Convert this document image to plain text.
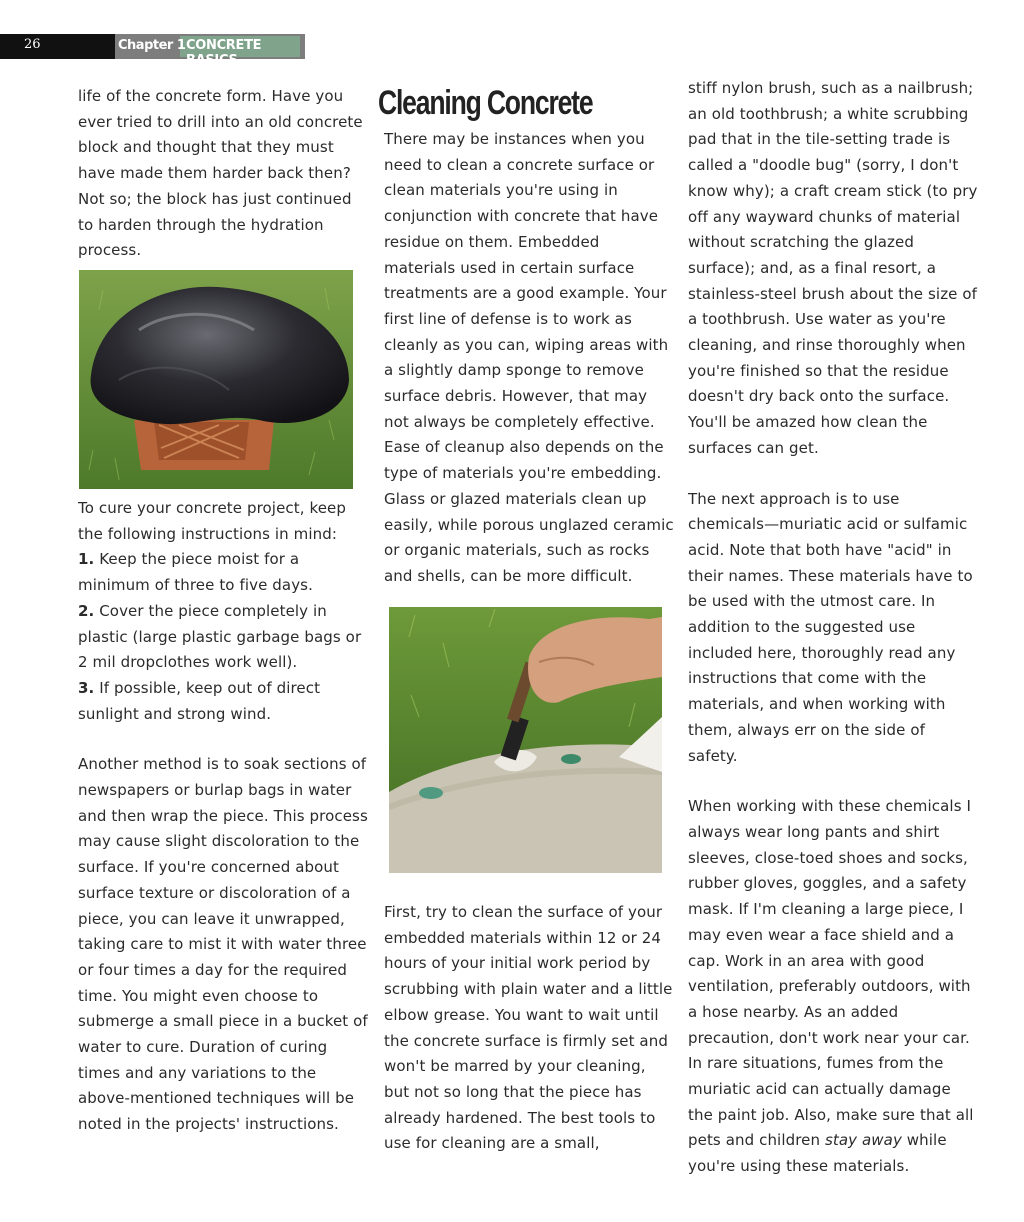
26	Chapter 1 CONCRETE BASICS

life of the concrete form. Have you ever tried to drill into an old concrete block and thought that they must have made them harder back then? Not so; the block has just continued to harden through the hydration process.

To cure your concrete project, keep the following instructions in mind:

1. Keep the piece moist for a minimum of three to five days.

2. Cover the piece completely in plastic (large plastic garbage bags or 2 mil dropclothes work well).

3. If possible, keep out of direct sunlight and strong wind.

Another method is to soak sections of newspapers or burlap bags in water and then wrap the piece. This process may cause slight discoloration to the surface. If you're concerned about surface texture or discoloration of a piece, you can leave it unwrapped, taking care to mist it with water three or four times a day for the required time. You might even choose to submerge a small piece in a bucket of water to cure. Duration of curing times and any variations to the above-mentioned techniques will be noted in the projects' instructions.

Cleaning Concrete

There may be instances when you need to clean a concrete surface or clean materials you're using in conjunction with concrete that have residue on them. Embedded materials used in certain surface treatments are a good example. Your first line of defense is to work as cleanly as you can, wiping areas with a slightly damp sponge to remove surface debris. However, that may not always be completely effective. Ease of cleanup also depends on the type of materials you're embedding. Glass or glazed materials clean up easily, while porous unglazed ceramic or organic materials, such as rocks and shells, can be more difficult.

First, try to clean the surface of your embedded materials within 12 or 24 hours of your initial work period by scrubbing with plain water and a little elbow grease. You want to wait until the concrete surface is firmly set and won't be marred by your cleaning, but not so long that the piece has already hardened. The best tools to use for cleaning are a small,

stiff nylon brush, such as a nailbrush; an old toothbrush; a white scrubbing pad that in the tile-setting trade is called a "doodle bug" (sorry, I don't know why); a craft cream stick (to pry off any wayward chunks of material without scratching the glazed surface); and, as a final resort, a stainless-steel brush about the size of a toothbrush. Use water as you're cleaning, and rinse thoroughly when you're finished so that the residue doesn't dry back onto the surface. You'll be amazed how clean the surfaces can get.

The next approach is to use chemicals—muriatic acid or sulfamic acid. Note that both have "acid" in their names. These materials have to be used with the utmost care. In addition to the suggested use included here, thoroughly read any instructions that come with the materials, and when working with them, always err on the side of safety.

When working with these chemicals I always wear long pants and shirt sleeves, close-toed shoes and socks, rubber gloves, goggles, and a safety mask. If I'm cleaning a large piece, I may even wear a face shield and a cap. Work in an area with good ventilation, preferably outdoors, with a hose nearby. As an added precaution, don't work near your car. In rare situations, fumes from the muriatic acid can actually damage the paint job. Also, make sure that all pets and children stay away while you're using these materials.
